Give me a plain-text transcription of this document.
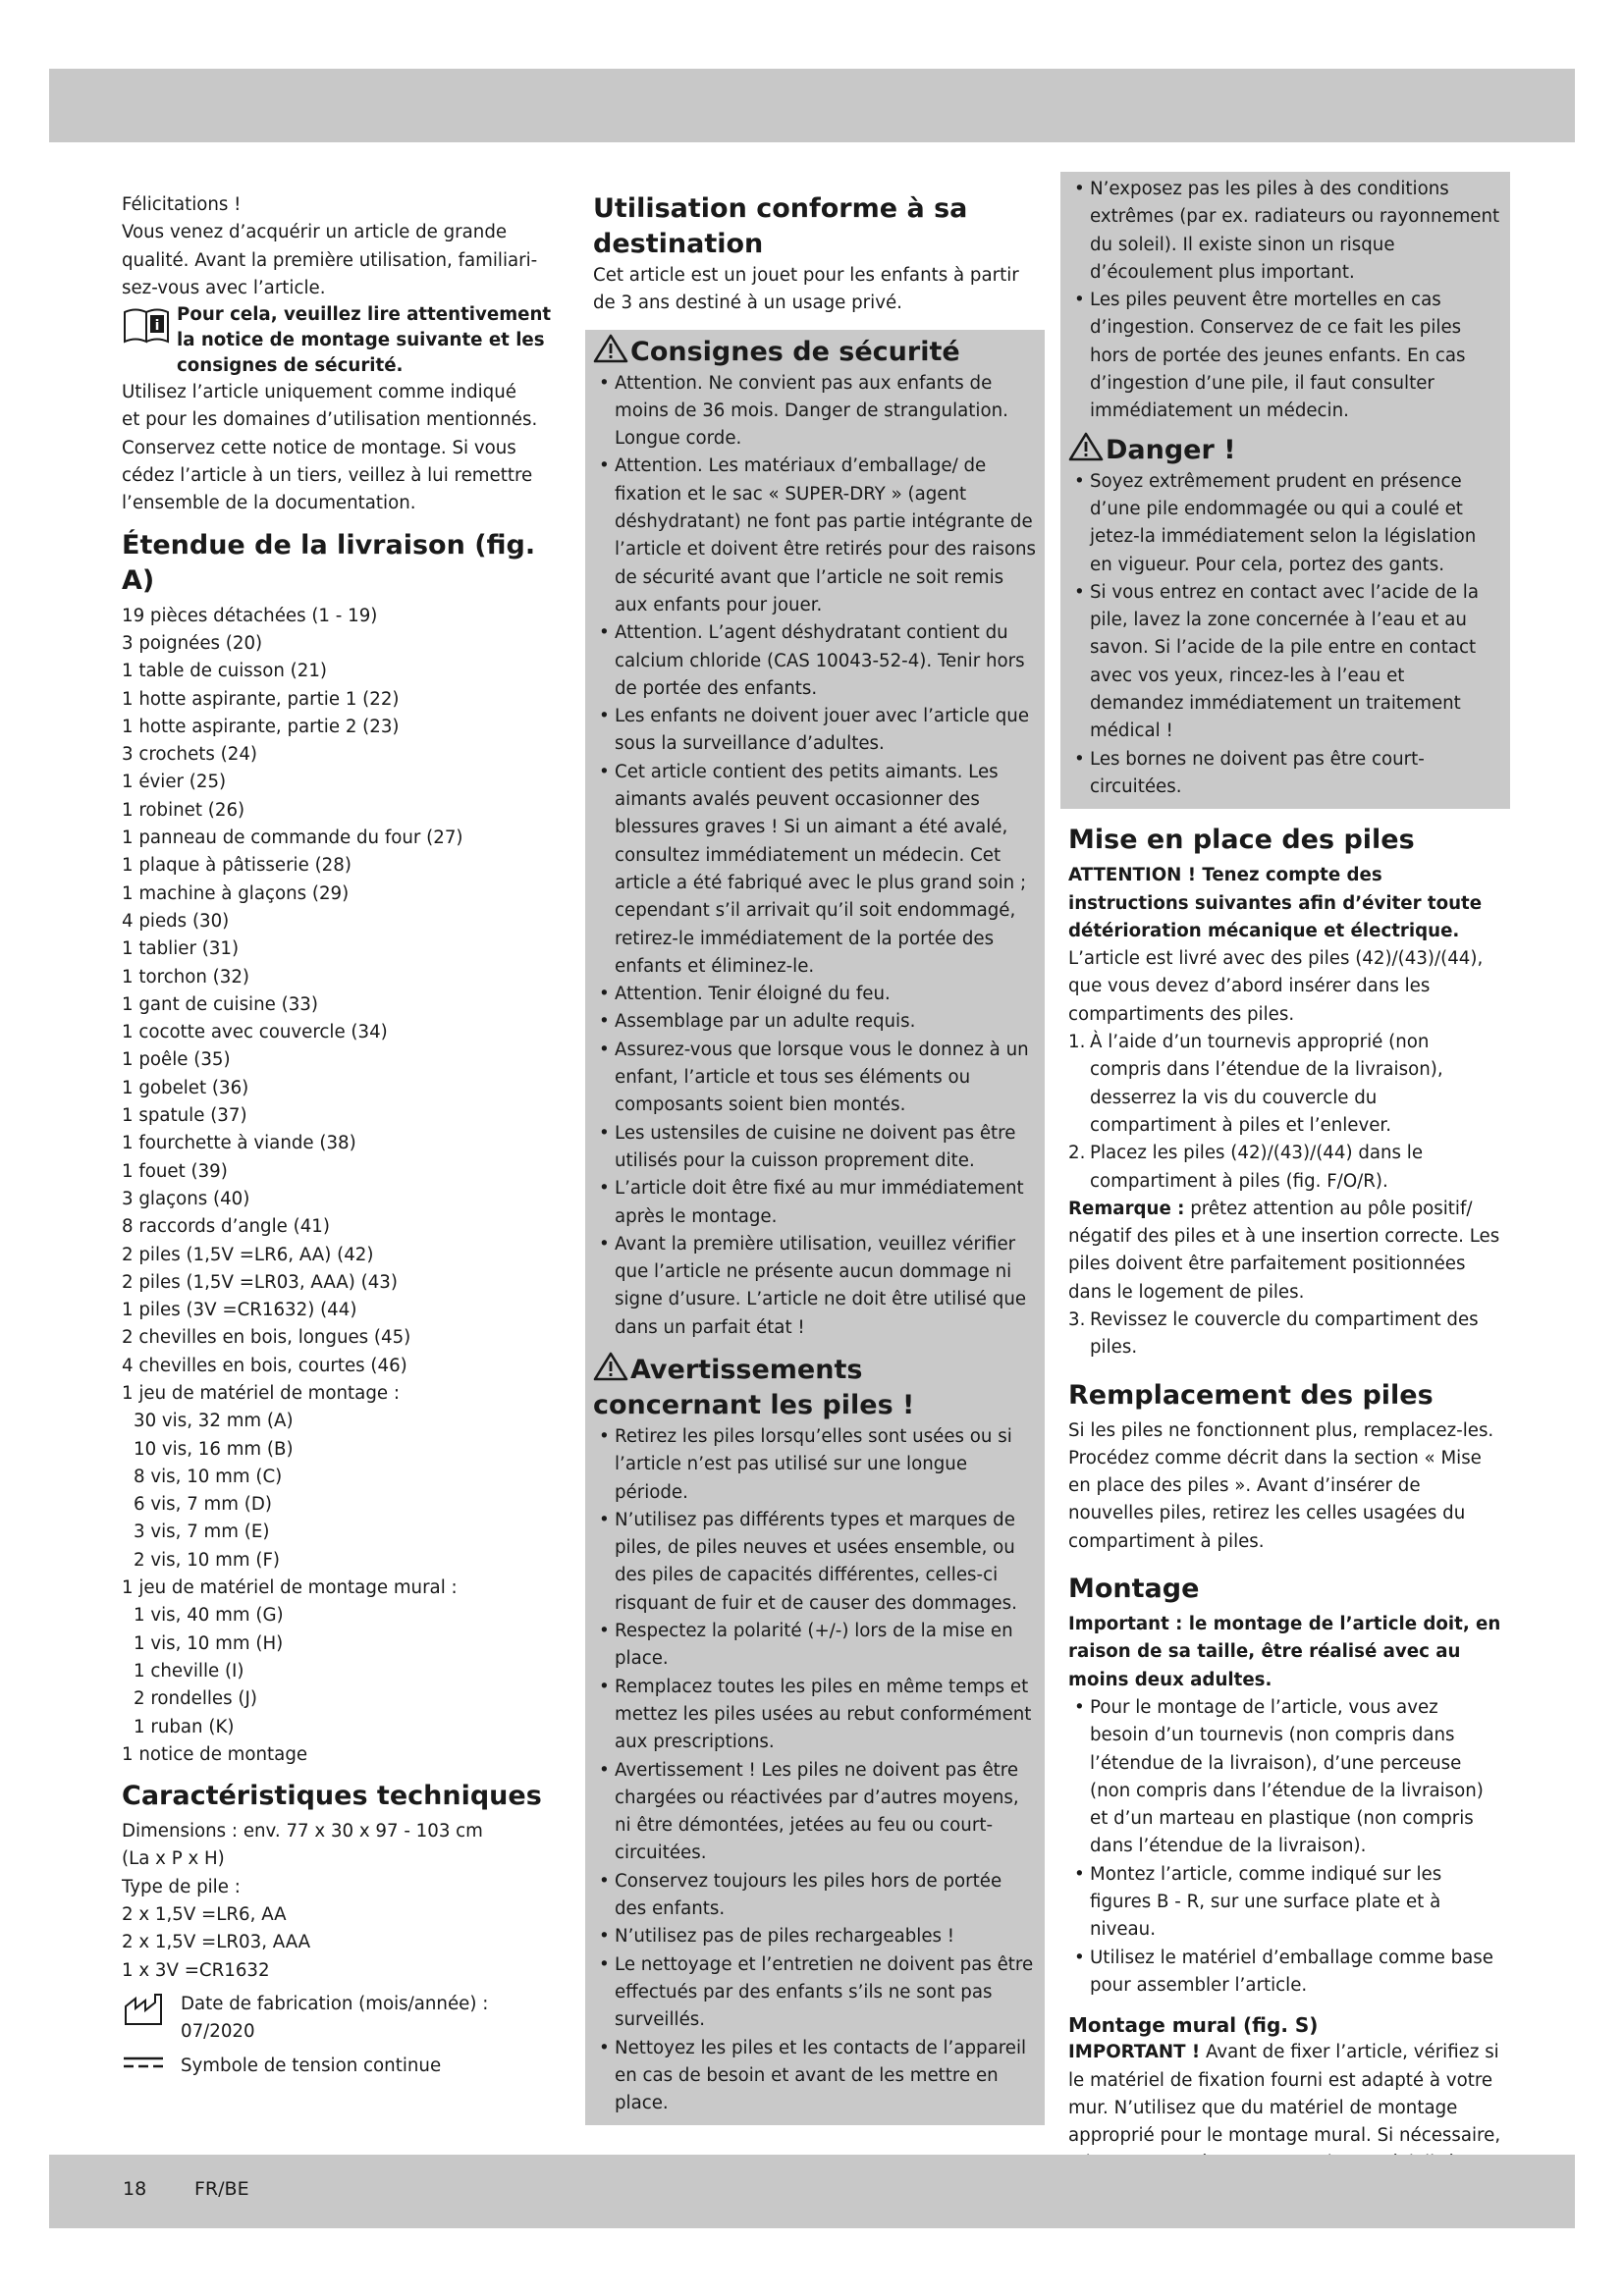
Félicitations !

Vous venez d’acquérir un article de grande

qualité. Avant la première utilisation, familiari-

sez-vous avec l’article.

i
Pour cela, veuillez lire attentivement la notice de montage suivante et les consignes de sécurité.

Utilisez l’article uniquement comme indiqué

et pour les domaines d’utilisation mentionnés.

Conservez cette notice de montage. Si vous

cédez l’article à un tiers, veillez à lui remettre

l’ensemble de la documentation.

Étendue de la livraison (fig. A)
19 pièces détachées (1 - 19)
3 poignées (20)
1 table de cuisson (21)
1 hotte aspirante, partie 1 (22)
1 hotte aspirante, partie 2 (23)
3 crochets (24)
1 évier (25)
1 robinet (26)
1 panneau de commande du four (27)
1 plaque à pâtisserie (28)
1 machine à glaçons (29)
4 pieds (30)
1 tablier (31)
1 torchon (32)
1 gant de cuisine (33)
1 cocotte avec couvercle (34)
1 poêle (35)
1 gobelet (36)
1 spatule (37)
1 fourchette à viande (38)
1 fouet (39)
3 glaçons (40)
8 raccords d’angle (41)
2 piles (1,5V =LR6, AA) (42)
2 piles (1,5V =LR03, AAA) (43)
1 piles (3V =CR1632) (44)
2 chevilles en bois, longues (45)
4 chevilles en bois, courtes (46)
1 jeu de matériel de montage :
30 vis, 32 mm (A)
10 vis, 16 mm (B)
8 vis, 10 mm (C)
6 vis, 7 mm (D)
3 vis, 7 mm (E)
2 vis, 10 mm (F)
1 jeu de matériel de montage mural :
1 vis, 40 mm (G)
1 vis, 10 mm (H)
1 cheville (I)
2 rondelles (J)
1 ruban (K)
1 notice de montage
Caractéristiques techniques
Dimensions : env. 77 x 30 x 97 - 103 cm
(La x P x H)
Type de pile :
2 x 1,5V =LR6, AA
2 x 1,5V =LR03, AAA
1 x 3V =CR1632
Date de fabrication (mois/année) :
07/2020
Symbole de tension continue
Utilisation conforme à sa destination

Cet article est un jouet pour les enfants à partir

de 3 ans destiné à un usage privé.

Consignes de sécurité
• Attention. Ne convient pas aux enfants de moins de 36 mois. Danger de strangulation. Longue corde.
• Attention. Les matériaux d’emballage/ de fixation et le sac « SUPER-DRY » (agent déshydratant) ne font pas partie intégrante de l’article et doivent être retirés pour des raisons de sécurité avant que l’article ne soit remis aux enfants pour jouer.
• Attention. L’agent déshydratant contient du calcium chloride (CAS 10043-52-4). Tenir hors de portée des enfants.
• Les enfants ne doivent jouer avec l’article que sous la surveillance d’adultes.
• Cet article contient des petits aimants. Les aimants avalés peuvent occasionner des blessures graves ! Si un aimant a été avalé, consultez immédiatement un médecin. Cet article a été fabriqué avec le plus grand soin ; cependant s’il arrivait qu’il soit endommagé, retirez-le immédiatement de la portée des enfants et éliminez-le.
• Attention. Tenir éloigné du feu.
• Assemblage par un adulte requis.
• Assurez-vous que lorsque vous le donnez à un enfant, l’article et tous ses éléments ou composants soient bien montés.
• Les ustensiles de cuisine ne doivent pas être utilisés pour la cuisson proprement dite.
• L’article doit être fixé au mur immédiatement après le montage.
• Avant la première utilisation, veuillez vérifier que l’article ne présente aucun dommage ni signe d’usure. L’article ne doit être utilisé que dans un parfait état !
Avertissements concernant les piles !
• Retirez les piles lorsqu’elles sont usées ou si l’article n’est pas utilisé sur une longue période.
• N’utilisez pas différents types et marques de piles, de piles neuves et usées ensemble, ou des piles de capacités différentes, celles-ci risquant de fuir et de causer des dommages.
• Respectez la polarité (+/-) lors de la mise en place.
• Remplacez toutes les piles en même temps et mettez les piles usées au rebut conformément aux prescriptions.
• Avertissement ! Les piles ne doivent pas être chargées ou réactivées par d’autres moyens, ni être démontées, jetées au feu ou court-circuitées.
• Conservez toujours les piles hors de portée des enfants.
• N’utilisez pas de piles rechargeables !
• Le nettoyage et l’entretien ne doivent pas être effectués par des enfants s’ils ne sont pas surveillés.
• Nettoyez les piles et les contacts de l’appareil en cas de besoin et avant de les mettre en place.
• N’exposez pas les piles à des conditions extrêmes (par ex. radiateurs ou rayonnement du soleil). Il existe sinon un risque d’écoulement plus important.
• Les piles peuvent être mortelles en cas d’ingestion. Conservez de ce fait les piles hors de portée des jeunes enfants. En cas d’ingestion d’une pile, il faut consulter immédiatement un médecin.
Danger !
• Soyez extrêmement prudent en présence d’une pile endommagée ou qui a coulé et jetez-la immédiatement selon la législation en vigueur. Pour cela, portez des gants.
• Si vous entrez en contact avec l’acide de la pile, lavez la zone concernée à l’eau et au savon. Si l’acide de la pile entre en contact avec vos yeux, rincez-les à l’eau et demandez immédiatement un traitement médical !
• Les bornes ne doivent pas être court-circuitées.
Mise en place des piles

ATTENTION ! Tenez compte des instructions suivantes afin d’éviter toute détérioration mécanique et électrique.

L’article est livré avec des piles (42)/(43)/(44), que vous devez d’abord insérer dans les compartiments des piles.

1. À l’aide d’un tournevis approprié (non compris dans l’étendue de la livraison), desserrez la vis du couvercle du compartiment à piles et l’enlever.
2. Placez les piles (42)/(43)/(44) dans le compartiment à piles (fig. F/O/R).

Remarque : prêtez attention au pôle positif/ négatif des piles et à une insertion correcte. Les piles doivent être parfaitement positionnées dans le logement de piles.

3. Revissez le couvercle du compartiment des piles.
Remplacement des piles

Si les piles ne fonctionnent plus, remplacez-les. Procédez comme décrit dans la section « Mise en place des piles ». Avant d’insérer de nouvelles piles, retirez les celles usagées du compartiment à piles.

Montage

Important : le montage de l’article doit, en raison de sa taille, être réalisé avec au moins deux adultes.

• Pour le montage de l’article, vous avez besoin d’un tournevis (non compris dans l’étendue de la livraison), d’une perceuse (non compris dans l’étendue de la livraison) et d’un marteau en plastique (non compris dans l’étendue de la livraison).
• Montez l’article, comme indiqué sur les figures B - R, sur une surface plate et à niveau.
• Utilisez le matériel d’emballage comme base pour assembler l’article.
Montage mural (fig. S)

IMPORTANT ! Avant de fixer l’article, vérifiez si le matériel de fixation fourni est adapté à votre mur. N’utilisez que du matériel de montage approprié pour le montage mural. Si nécessaire,

18	FR/BE
